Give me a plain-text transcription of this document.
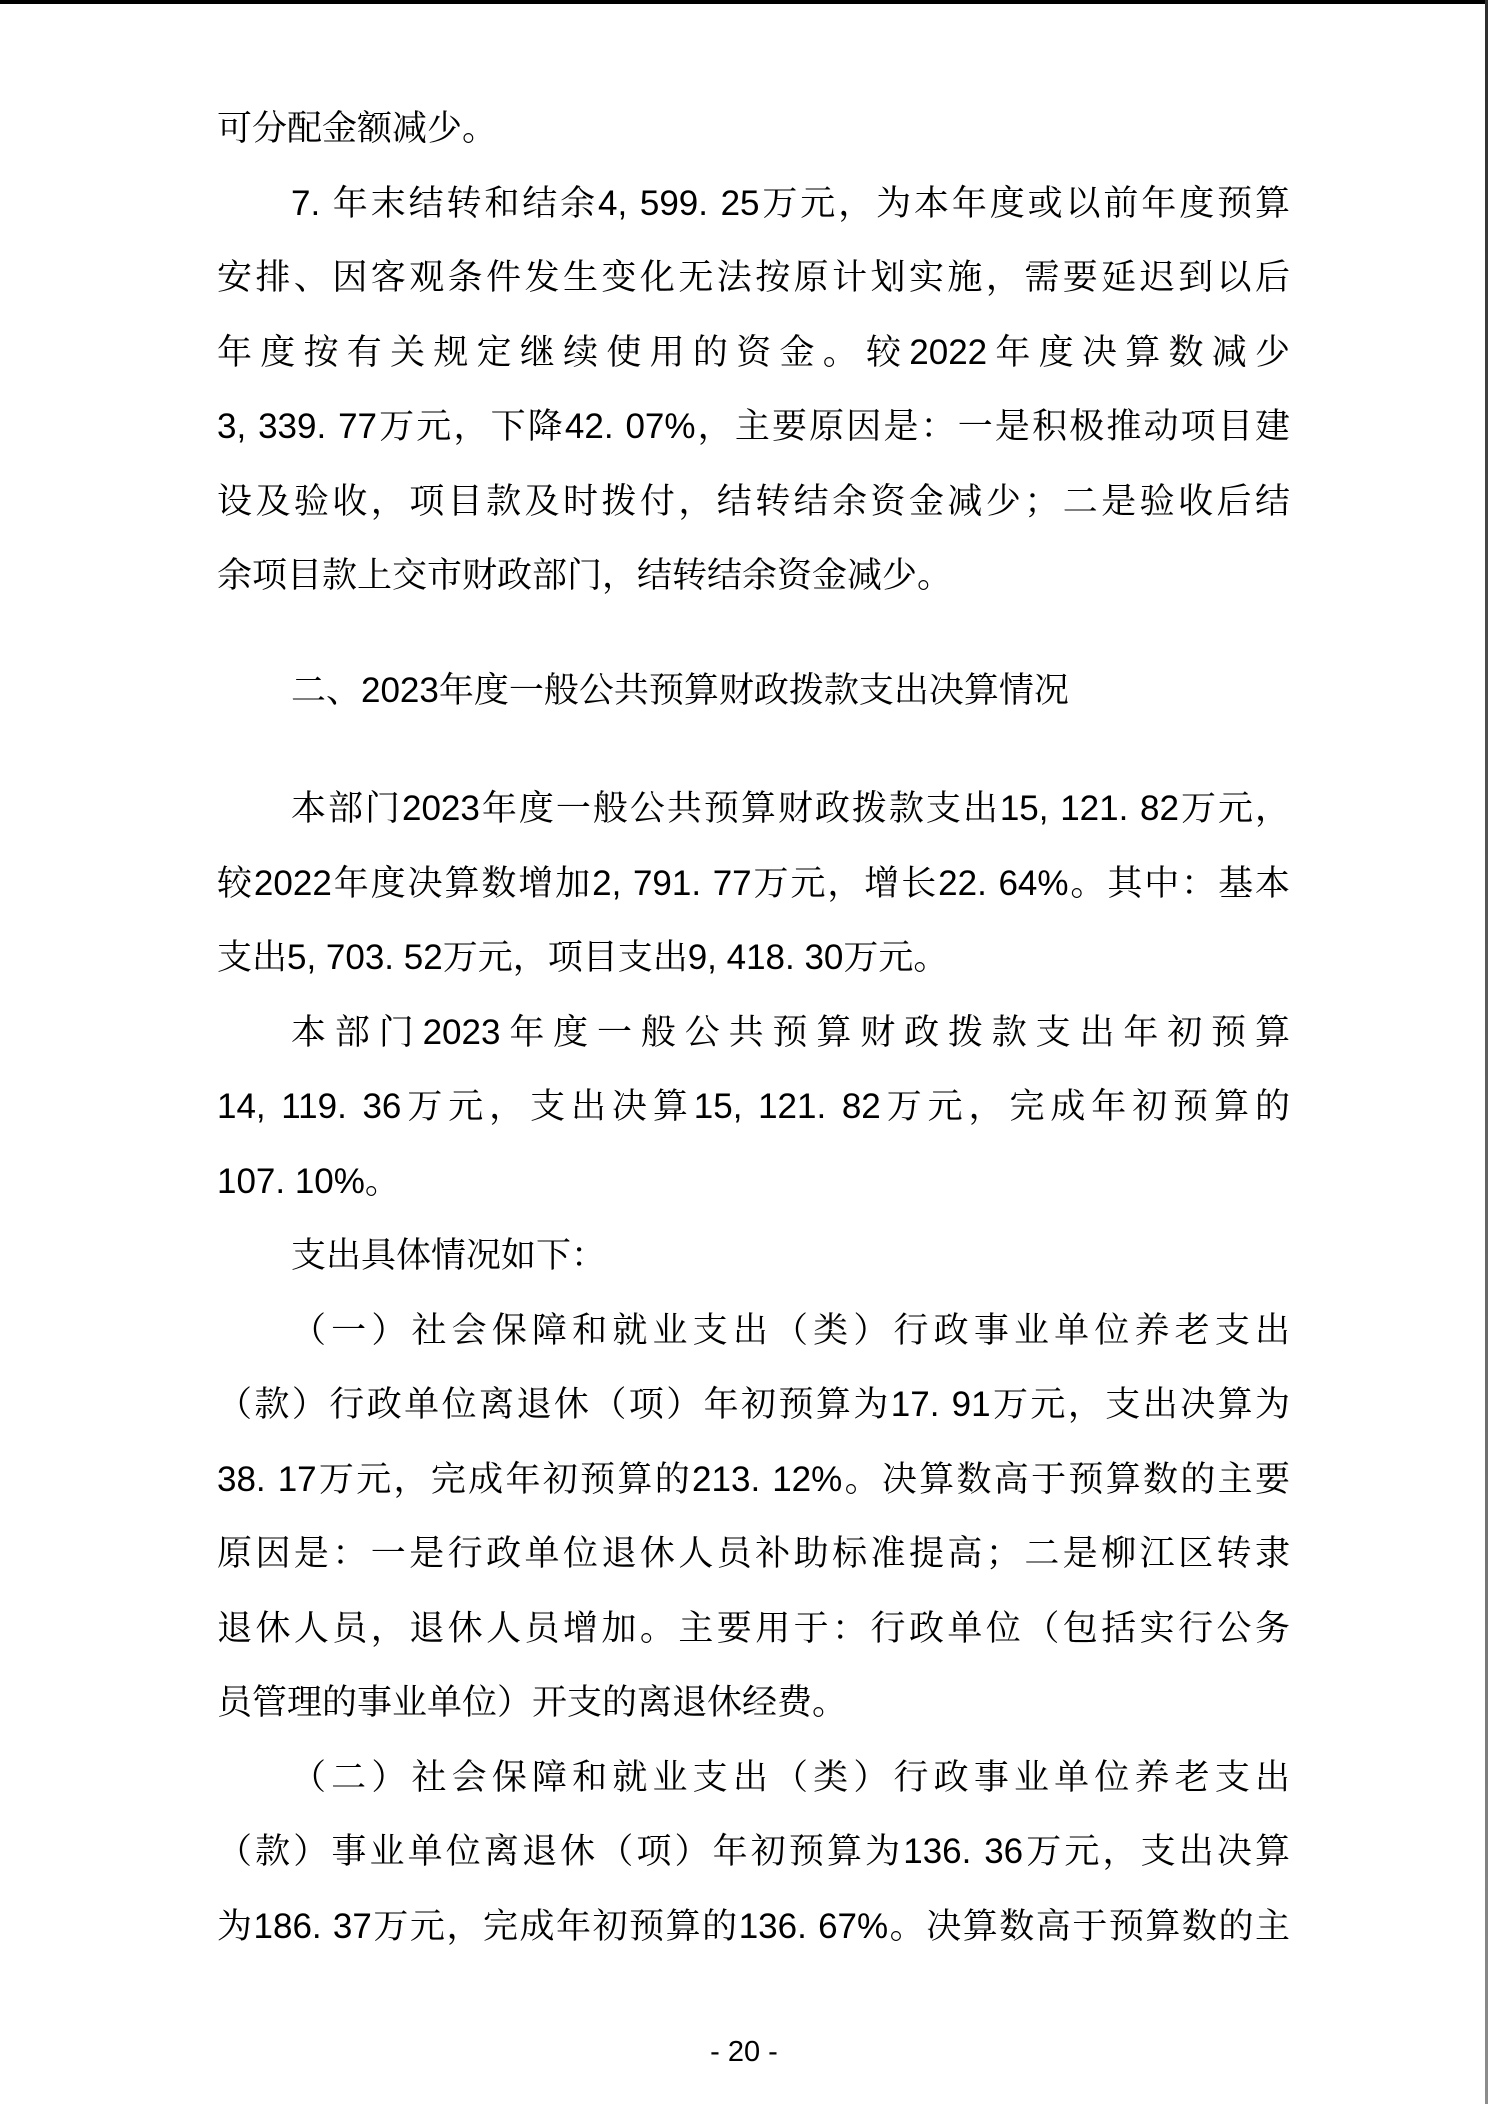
可分配金额减少。
7. 年末结转和结余4, 599. 25万元，为本年度或以前年度预算
安排、因客观条件发生变化无法按原计划实施，需要延迟到以后
年度按有关规定继续使用的资金。较2022年度决算数减少
3, 339. 77万元，下降42. 07%，主要原因是：一是积极推动项目建
设及验收，项目款及时拨付，结转结余资金减少；二是验收后结
余项目款上交市财政部门，结转结余资金减少。
二、2023年度一般公共预算财政拨款支出决算情况
本部门2023年度一般公共预算财政拨款支出15, 121. 82万元，
较2022年度决算数增加2, 791. 77万元，增长22. 64%。其中：基本
支出5, 703. 52万元，项目支出9, 418. 30万元。
本部门2023年度一般公共预算财政拨款支出年初预算
14, 119. 36万元，支出决算15, 121. 82万元，完成年初预算的
107. 10%。
支出具体情况如下：
（一）社会保障和就业支出（类）行政事业单位养老支出
（款）行政单位离退休（项）年初预算为17. 91万元，支出决算为
38. 17万元，完成年初预算的213. 12%。决算数高于预算数的主要
原因是：一是行政单位退休人员补助标准提高；二是柳江区转隶
退休人员，退休人员增加。主要用于：行政单位（包括实行公务
员管理的事业单位）开支的离退休经费。
（二）社会保障和就业支出（类）行政事业单位养老支出
（款）事业单位离退休（项）年初预算为136. 36万元，支出决算
为186. 37万元，完成年初预算的136. 67%。决算数高于预算数的主
- 20 -
